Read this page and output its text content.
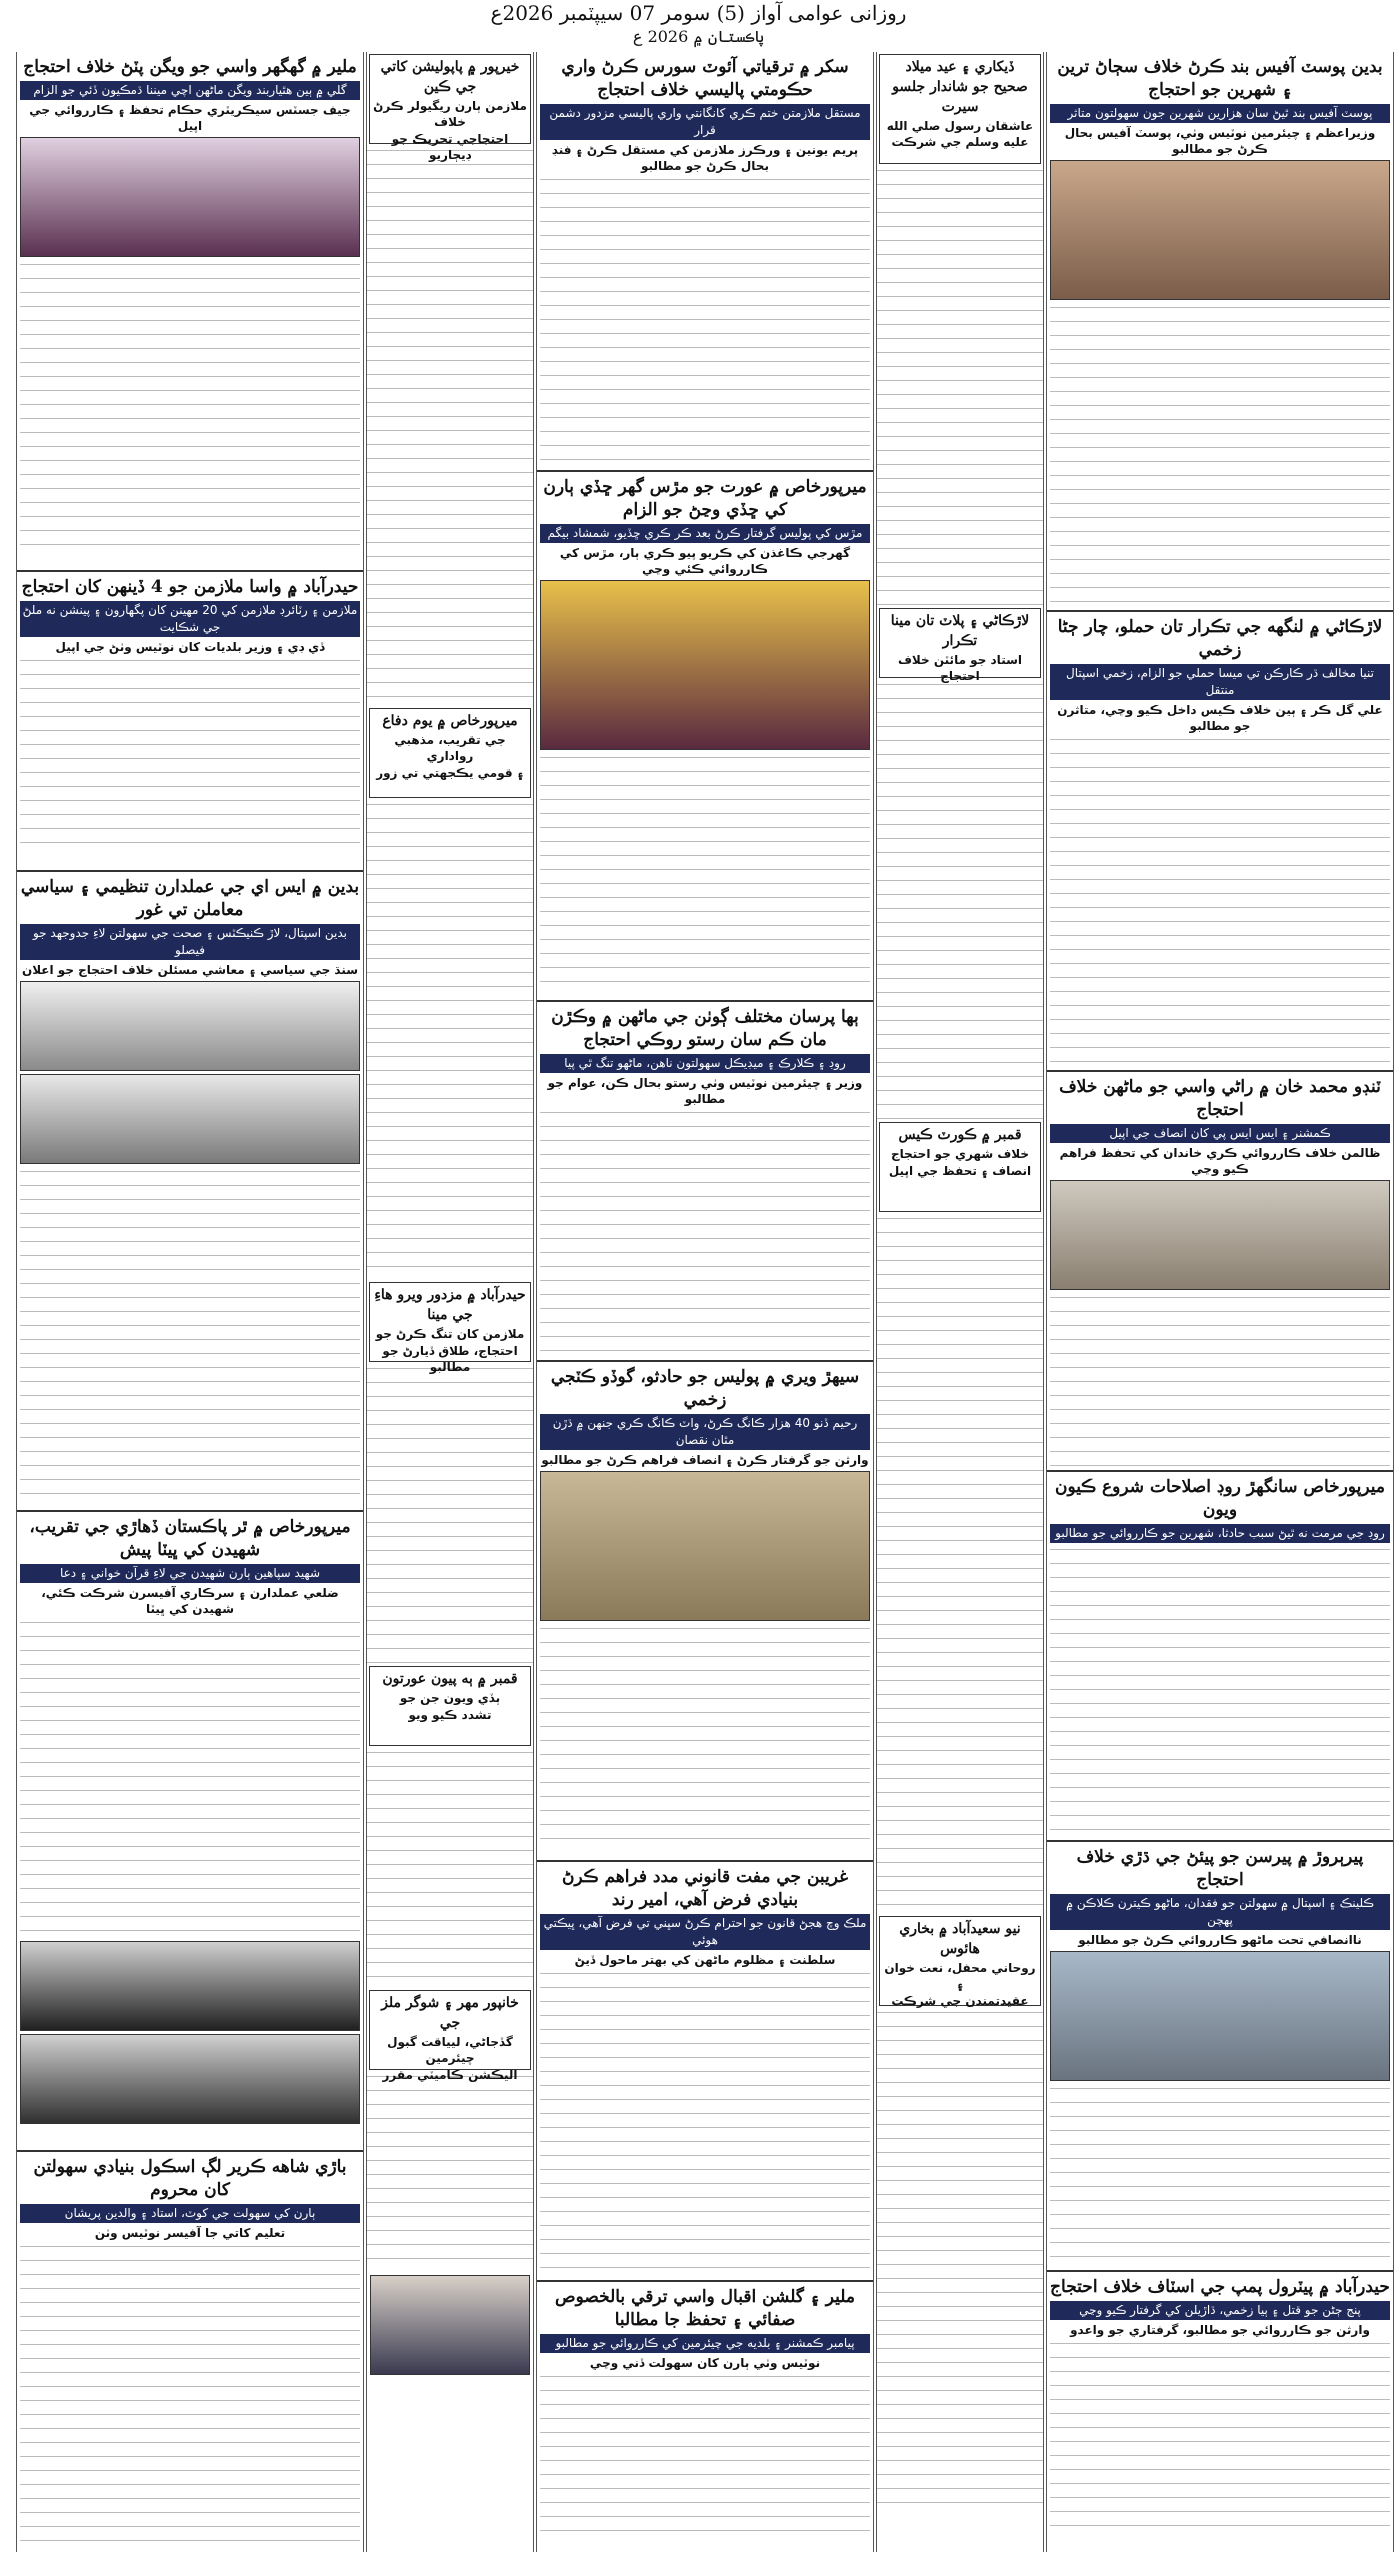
روزانی عوامی آواز (5) سومر 07 سيپٽمبر 2026ع
پاڪستان ۾ 2026 ع
بدين پوسٽ آفيس بند ڪرڻ خلاف سڄاڻ ترين ۽ شهرين جو احتجاج
پوسٽ آفيس بند ٿيڻ سان هزارين شهرين جون سهولتون متاثر
وزيراعظم ۽ چيئرمين نوٽيس وٺي، پوسٽ آفيس بحال ڪرڻ جو مطالبو
لاڙڪاڻي ۾ لنگهه جي تڪرار تان حملو، چار ڄڻا زخمي
تنيا مخالف ڌر ڪارڪن تي ميسا حملي جو الزام، زخمي اسپتال منتقل
علي گل ڪر ۽ ٻين خلاف ڪيس داخل ڪيو وڃي، متاثرن جو مطالبو
ٽنڊو محمد خان ۾ راڻي واسي جو ماڻهن خلاف احتجاج
ڪمشنر ۽ ايس ايس پي کان انصاف جي اپيل
ظالمن خلاف ڪارروائي ڪري خاندان کي تحفظ فراهم ڪيو وڃي
ميرپورخاص سانگهڙ روڊ اصلاحات شروع ڪيون ويون
روڊ جي مرمت نه ٿيڻ سبب حادثا، شهرين جو ڪارروائي جو مطالبو
پيرٻروڙ ۾ پيرسن جو پيئڻ جي ڌڙي خلاف احتجاج
ڪلينڪ ۽ اسپتال ۾ سهولتن جو فقدان، ماڻهو ڪيترن ڪلاڪن ۾ پهچن
ناانصافي تحت ماڻهو ڪارروائي ڪرڻ جو مطالبو
حيدرآباد ۾ پيٽرول پمپ جي اسٽاف خلاف احتجاج
پنج ڄڻن جو قتل ۽ ٻيا زخمي، ڌاڙيلن کي گرفتار ڪيو وڃي
وارثن جو ڪارروائي جو مطالبو، گرفتاري جو واعدو
ڏيکاري ۽ عيد ميلاد
صحيح جو شاندار جلسو سيرت
عاشقان رسول صلي الله عليه وسلم جي شرڪت
لاڙڪاڻي ۽ پلاٽ تان مينا تڪرار
استاد جو مائٽن خلاف احتجاج
قمبر ۾ ڪورٽ ڪيس
خلاف شهري جو احتجاج
انصاف ۽ تحفظ جي اپيل
نيو سعيدآباد ۾ بخاري هائوس
روحاني محفل، نعت خوان ۽
عقيدتمندن جي شرڪت
سکر ۾ ترقياتي آئوٽ سورس ڪرڻ واري حڪومتي پاليسي خلاف احتجاج
مستقل ملازمتن ختم ڪري کانگانتي واري پاليسي مزدور دشمن قرار
پريم يونين ۽ ورڪرز ملازمن کي مستقل ڪرڻ ۽ فنڊ بحال ڪرڻ جو مطالبو
ميرپورخاص ۾ عورت جو مڙس گهر ڇڏي ٻارن کي ڇڏي وڃڻ جو الزام
مڙس کي پوليس گرفتار ڪرڻ بعد ڪر ڪري ڇڏيو، شمشاد بيگم
گهرجي ڪاغذن کي ڪريو پيو ڪري ٻار، مڙس کي ڪارروائي ڪئي وڃي
ٻها پرسان مختلف ڳوٺن جي ماڻهن ۾ وڪڙن مان ڪم سان رستو روڪي احتجاج
روڊ ۽ ڪلارڪ ۽ ميڊيڪل سهولتون ناهن، ماڻهو تنگ ٿي پيا
وزير ۽ چيئرمين نوٽيس وٺي رستو بحال ڪن، عوام جو مطالبو
سيهڙ ويري ۾ پوليس جو حادثو، گوڏو ڪٽجي زخمي
رحيم ڏنو 40 هزار ڪانگ ڪرڻ، واٽ ڪانگ ڪري جنهن ۾ ڌڙن مٿان نقصان
وارثن جو گرفتار ڪرڻ ۽ انصاف فراهم ڪرڻ جو مطالبو
غريبن جي مفت قانوني مدد فراهم ڪرڻ بنيادي فرض آهي، امير رند
ملڪ وچ هجڻ قانون جو احترام ڪرڻ سڀني تي فرض آهي، ڀيڪتي هوئي
سلطنت ۽ مظلوم ماڻهن کي بهتر ماحول ڏيڻ
ملير ۽ گلشن اقبال واسي ترقي بالخصوص صفائي ۽ تحفظ جا مطالبا
پيامبر ڪمشنر ۽ بلديه جي چيئرمين کي ڪارروائي جو مطالبو
نوٽيس وٺي ٻارن کان سهولت ڏني وڃي
خيرپور ۾ پاپولیشن کاتي جي ڪين
ملازمن ٻارن ريگيولر ڪرڻ خلاف
احتجاجي تحريڪ جو ڊيڄاريو
ميرپورخاص ۾ يوم دفاع
جي تقريب، مذهبي رواداري
۽ قومي يڪجهتي تي زور
حيدرآباد ۾ مزدور ويرو هاءِ جي مينا
ملازمن کان تنگ ڪرڻ جو
احتجاج، طلاق ڏيارڻ جو مطالبو
قمبر ۾ ٻه پيون عورتون
ٻڏي ويون جن جو
تشدد ڪيو ويو
خانپور مهر ۽ شوگر ملز جي
گڏجاڻي، ليياقت گبول چيئرمين
اليڪشن ڪاميٽي مقرر
ملير ۾ گهگهر واسي جو ويگن پٽڻ خلاف احتجاج
گلي ۾ ٻين هٿياربند ويگن ماڻهن اچي ميننا ڌمڪيون ڏئي جو الزام
جيف جسٽس سيڪريٽري حڪام تحفظ ۽ ڪارروائي جي اپيل
حيدرآباد ۾ واسا ملازمن جو 4 ڏينهن کان احتجاج
ملازمن ۽ رٽائرڊ ملازمن کي 20 مهينن کان پگهارون ۽ پينشن نه ملڻ جي شڪايت
ڏي ڊي ۽ وزير بلديات کان نوٽيس وٺڻ جي اپيل
بدين ۾ ايس اي جي عملدارن تنظيمي ۽ سياسي معاملن تي غور
بدين اسپتال، لاڙ ڪنيڪٽس ۽ صحت جي سهولتن لاءِ جدوجهد جو فيصلو
سنڌ جي سياسي ۽ معاشي مسئلن خلاف احتجاج جو اعلان
ميرپورخاص ۾ ٿر پاڪستان ڏهاڙي جي تقريب، شهيدن کي ڀيٽا پيش
شهيد سپاهين ٻارن شهيدن جي لاءِ قرآن خواني ۽ دعا
ضلعي عملدارن ۽ سرڪاري آفيسرن شرڪت ڪئي، شهيدن کي ڀيٽا
باڙي شاهه ڪرير لڳ اسڪول بنيادي سهولتن کان محروم
ٻارن کي سهولت جي کوٽ، استاد ۽ والدين پريشان
تعليم کاتي جا آفيسر نوٽيس وٺن
